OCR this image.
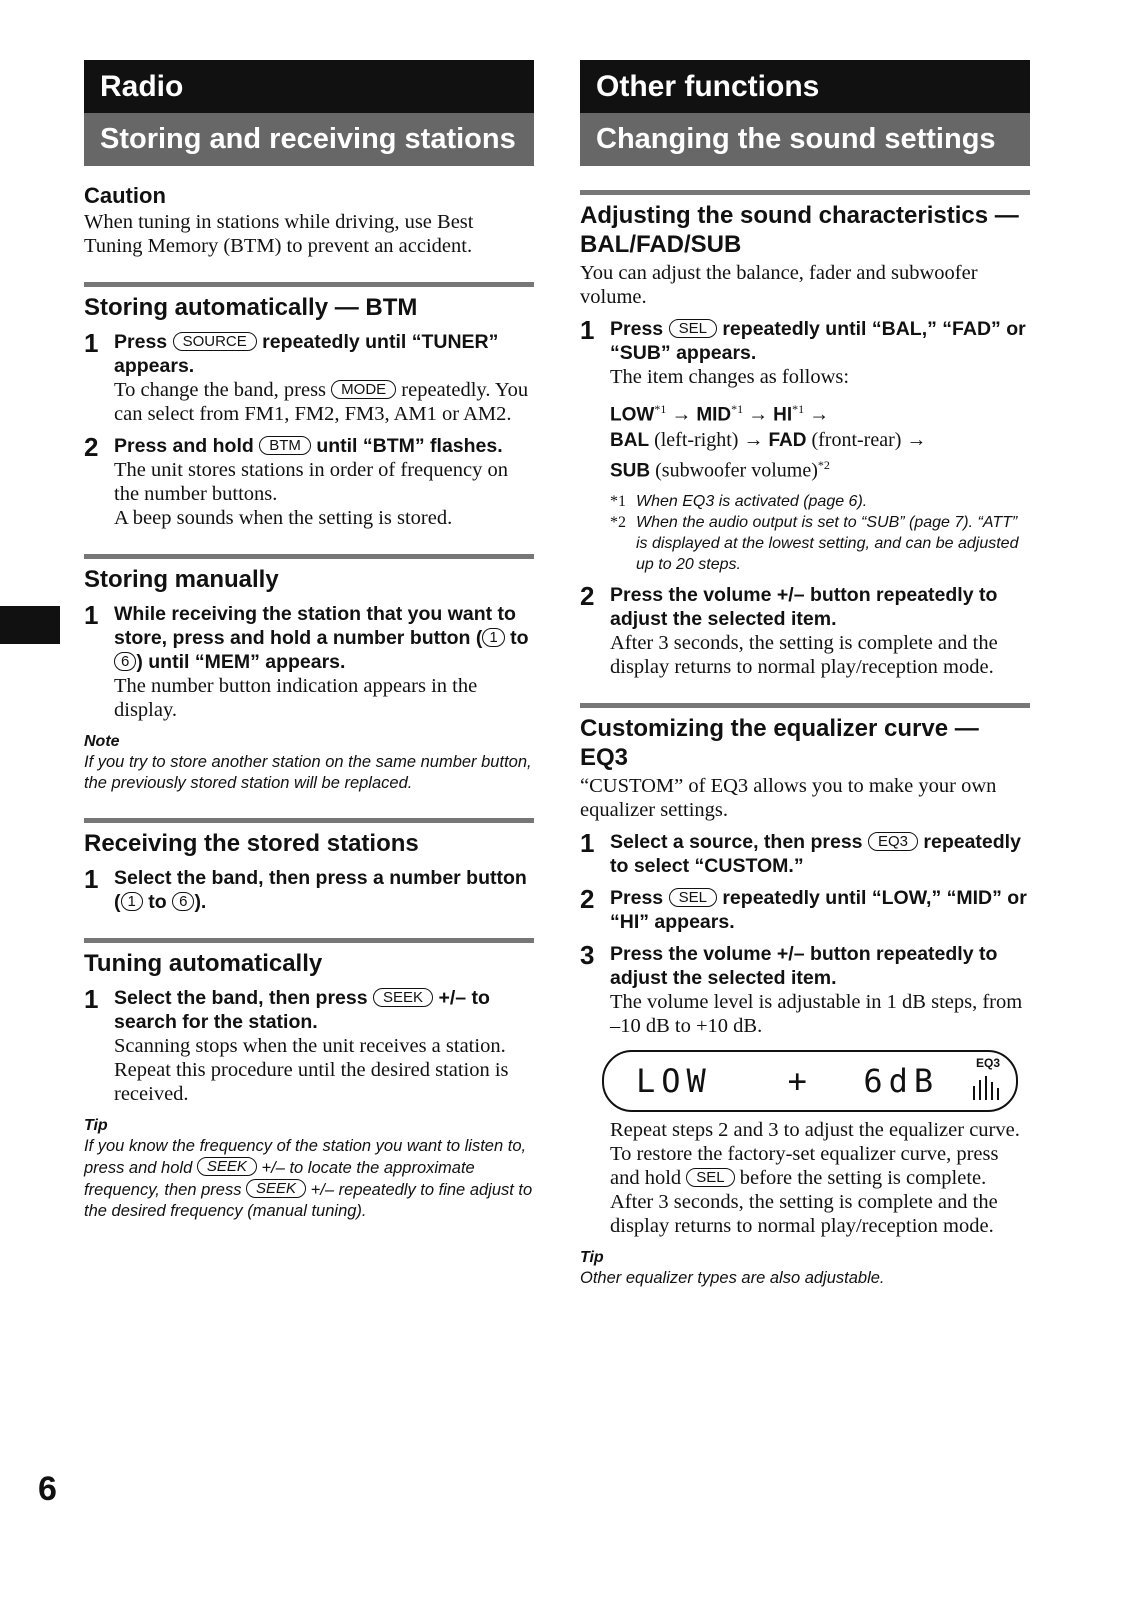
Radio
Storing and receiving stations
Caution
When tuning in stations while driving, use Best Tuning Memory (BTM) to prevent an accident.
Storing automatically — BTM
1 Press SOURCE repeatedly until “TUNER” appears.
To change the band, press MODE repeatedly. You can select from FM1, FM2, FM3, AM1 or AM2.
2 Press and hold BTM until “BTM” flashes.
The unit stores stations in order of frequency on the number buttons.
A beep sounds when the setting is stored.
Storing manually
1 While receiving the station that you want to store, press and hold a number button ( 1 to 6 ) until “MEM” appears.
The number button indication appears in the display.
Note
If you try to store another station on the same number button, the previously stored station will be replaced.
Receiving the stored stations
1 Select the band, then press a number button ( 1 to 6 ).
Tuning automatically
1 Select the band, then press SEEK +/– to search for the station.
Scanning stops when the unit receives a station. Repeat this procedure until the desired station is received.
Tip
If you know the frequency of the station you want to listen to, press and hold SEEK +/– to locate the approximate frequency, then press SEEK +/– repeatedly to fine adjust to the desired frequency (manual tuning).
Other functions
Changing the sound settings
Adjusting the sound characteristics — BAL/FAD/SUB
You can adjust the balance, fader and subwoofer volume.
1 Press SEL repeatedly until “BAL,” “FAD” or “SUB” appears.
The item changes as follows:
$LOW^{*1} \to MID^{*1} \to HI^{*1}$ →
BAL (left-right) → FAD (front-rear) →
SUB (subwoofer volume)$^{*2}$
*1 When EQ3 is activated (page 6).
*2 When the audio output is set to “SUB” (page 7). “ATT” is displayed at the lowest setting, and can be adjusted up to 20 steps.
2 Press the volume +/– button repeatedly to adjust the selected item.
After 3 seconds, the setting is complete and the display returns to normal play/reception mode.
Customizing the equalizer curve — EQ3
“CUSTOM” of EQ3 allows you to make your own equalizer settings.
1 Select a source, then press EQ3 repeatedly to select “CUSTOM.”
2 Press SEL repeatedly until “LOW,” “MID” or “HI” appears.
3 Press the volume +/– button repeatedly to adjust the selected item.
The volume level is adjustable in 1 dB steps, from –10 dB to +10 dB.
LOW   +  6dB	EQ3
Repeat steps 2 and 3 to adjust the equalizer curve.
To restore the factory-set equalizer curve, press and hold SEL before the setting is complete.
After 3 seconds, the setting is complete and the display returns to normal play/reception mode.
Tip
Other equalizer types are also adjustable.
6
